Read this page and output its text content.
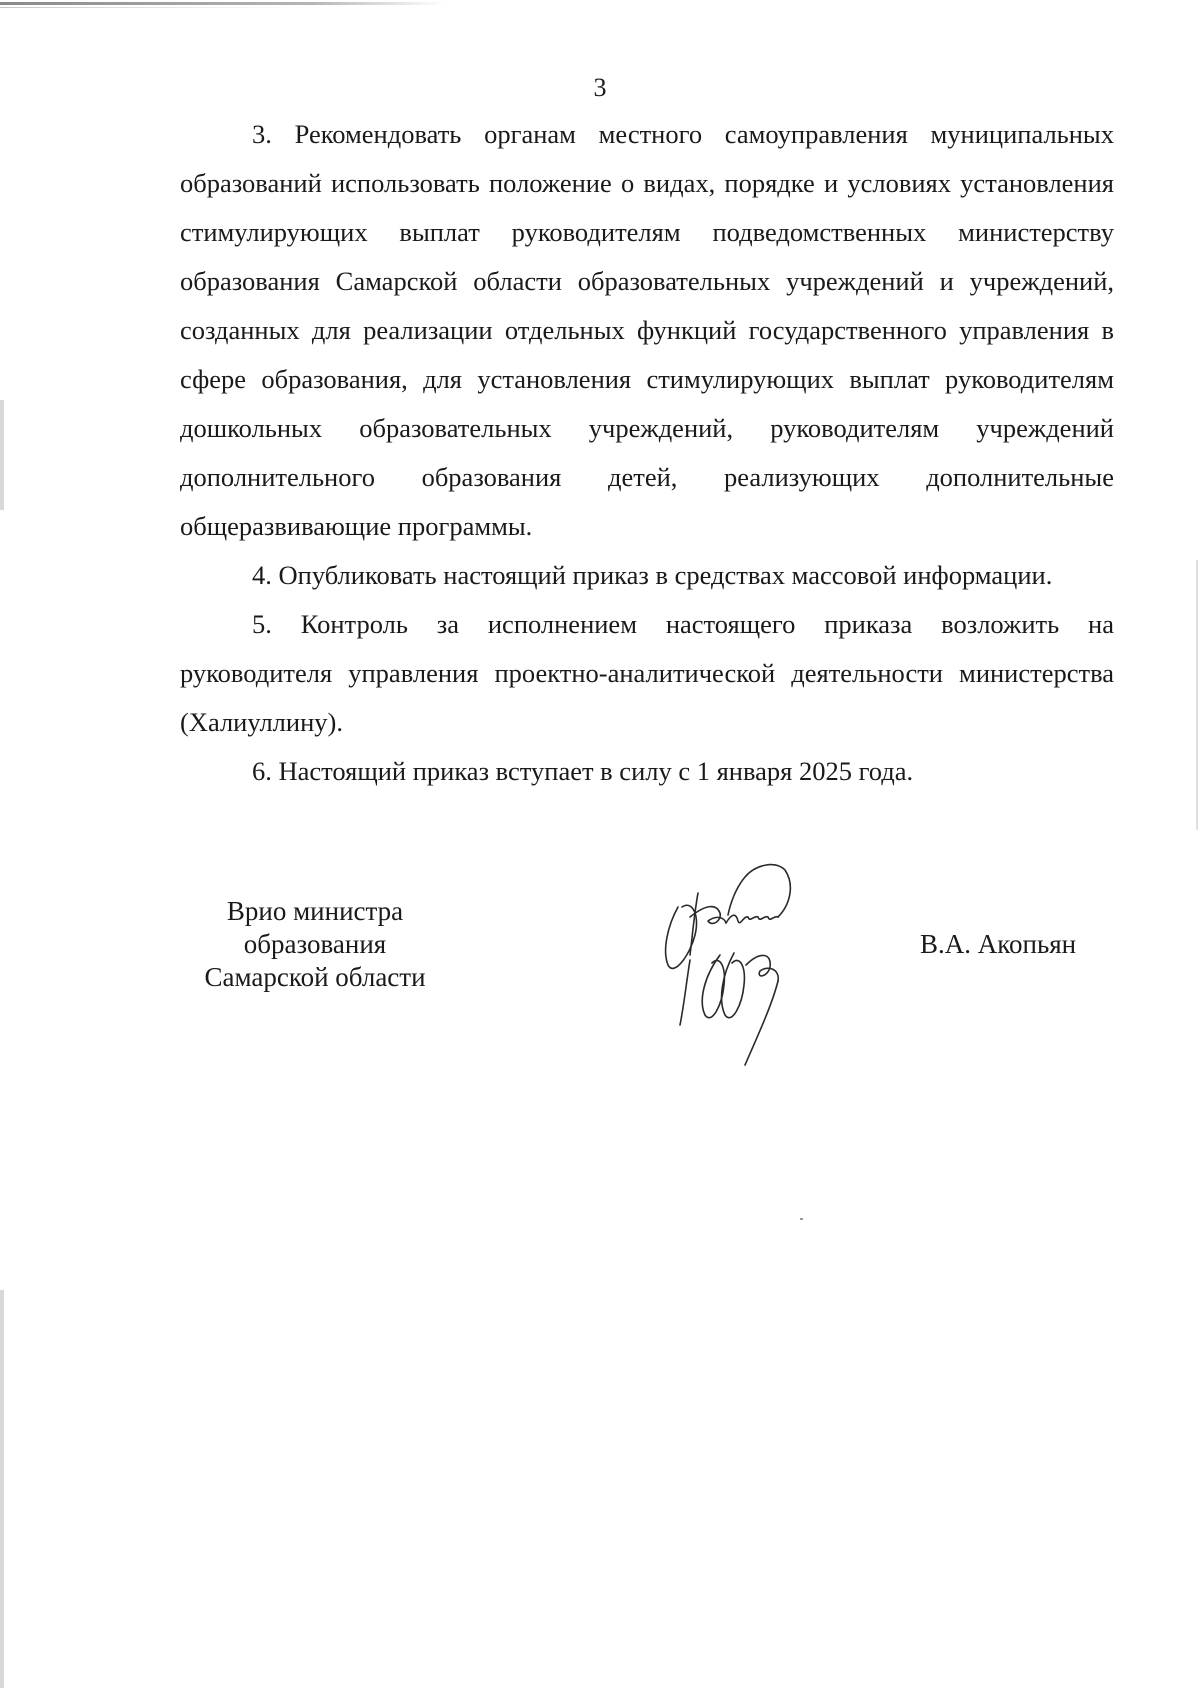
3

3. Рекомендовать органам местного самоуправления муниципальных образований использовать положение о видах, порядке и условиях установления стимулирующих выплат руководителям подведомственных министерству образования Самарской области образовательных учреждений и учреждений, созданных для реализации отдельных функций государственного управления в сфере образования, для установления стимулирующих выплат руководителям дошкольных образовательных учреждений, руководителям учреждений дополнительного образования детей, реализующих дополнительные общеразвивающие программы.

4. Опубликовать настоящий приказ в средствах массовой информации.

5. Контроль за исполнением настоящего приказа возложить на руководителя управления проектно-аналитической деятельности министерства (Халиуллину).

6. Настоящий приказ вступает в силу с 1 января 2025 года.

Врио министра
образования
Самарской области
В.А. Акопьян
